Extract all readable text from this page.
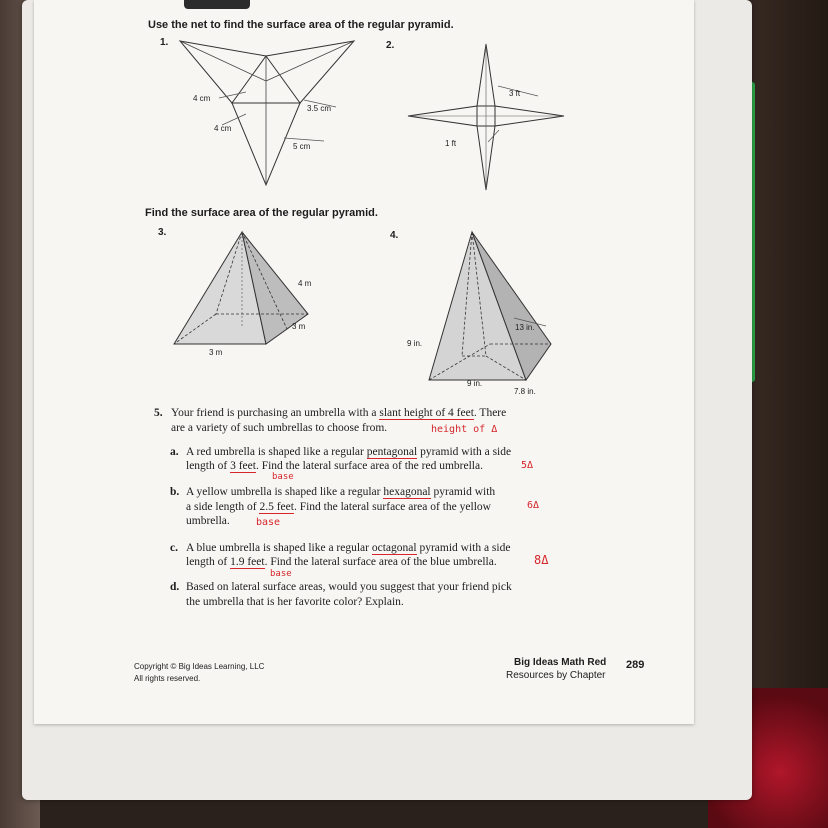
Use the net to find the surface area of the regular pyramid.
1.
4 cm
3.5 cm
4 cm
5 cm
2.
3 ft
1 ft
Find the surface area of the regular pyramid.
3.
4 m
3 m
3 m
4.
13 in.
9 in.
9 in.
7.8 in.
5. Your friend is purchasing an umbrella with a slant height of 4 feet. There
are a variety of such umbrellas to choose from.	height of Δ
a. A red umbrella is shaped like a regular pentagonal pyramid with a side
length of 3 feet. Find the lateral surface area of the red umbrella.	5Δ
base
b. A yellow umbrella is shaped like a regular hexagonal pyramid with
a side length of 2.5 feet. Find the lateral surface area of the yellow	6Δ
umbrella.	base
c. A blue umbrella is shaped like a regular octagonal pyramid with a side
length of 1.9 feet. Find the lateral surface area of the blue umbrella.	8Δ
base
d. Based on lateral surface areas, would you suggest that your friend pick
the umbrella that is her favorite color? Explain.
Copyright © Big Ideas Learning, LLC
All rights reserved.
Big Ideas Math Red
Resources by Chapter
289
